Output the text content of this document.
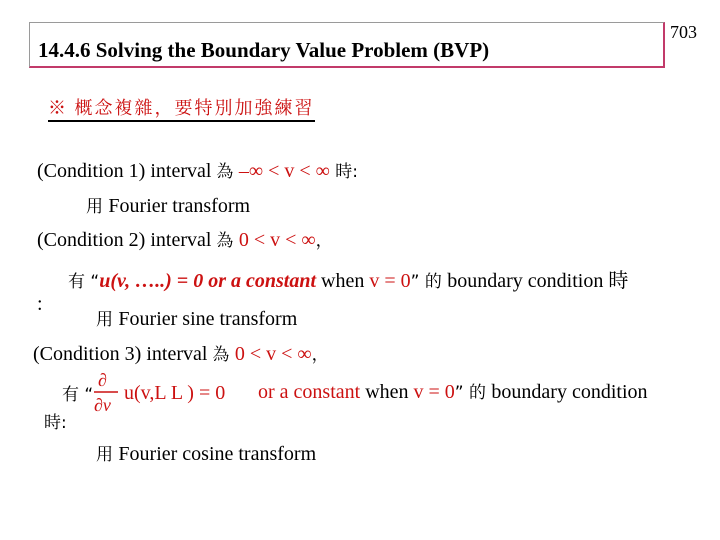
14.4.6 Solving the Boundary Value Problem (BVP)
703
※ 概念複雜，要特別加強練習
(Condition 1) interval 為 –∞ < v < ∞ 時:
用 Fourier transform
(Condition 2) interval 為 0 < v < ∞，
有 “u(v, …..) = 0 or a constant when v = 0” 的 boundary condition 時
:
用 Fourier sine transform
(Condition 3) interval 為 0 < v < ∞，
有 “
∂
∂v
u(v,L L ) = 0 or a constant when v = 0” 的 boundary condition
時:
用 Fourier cosine transform
